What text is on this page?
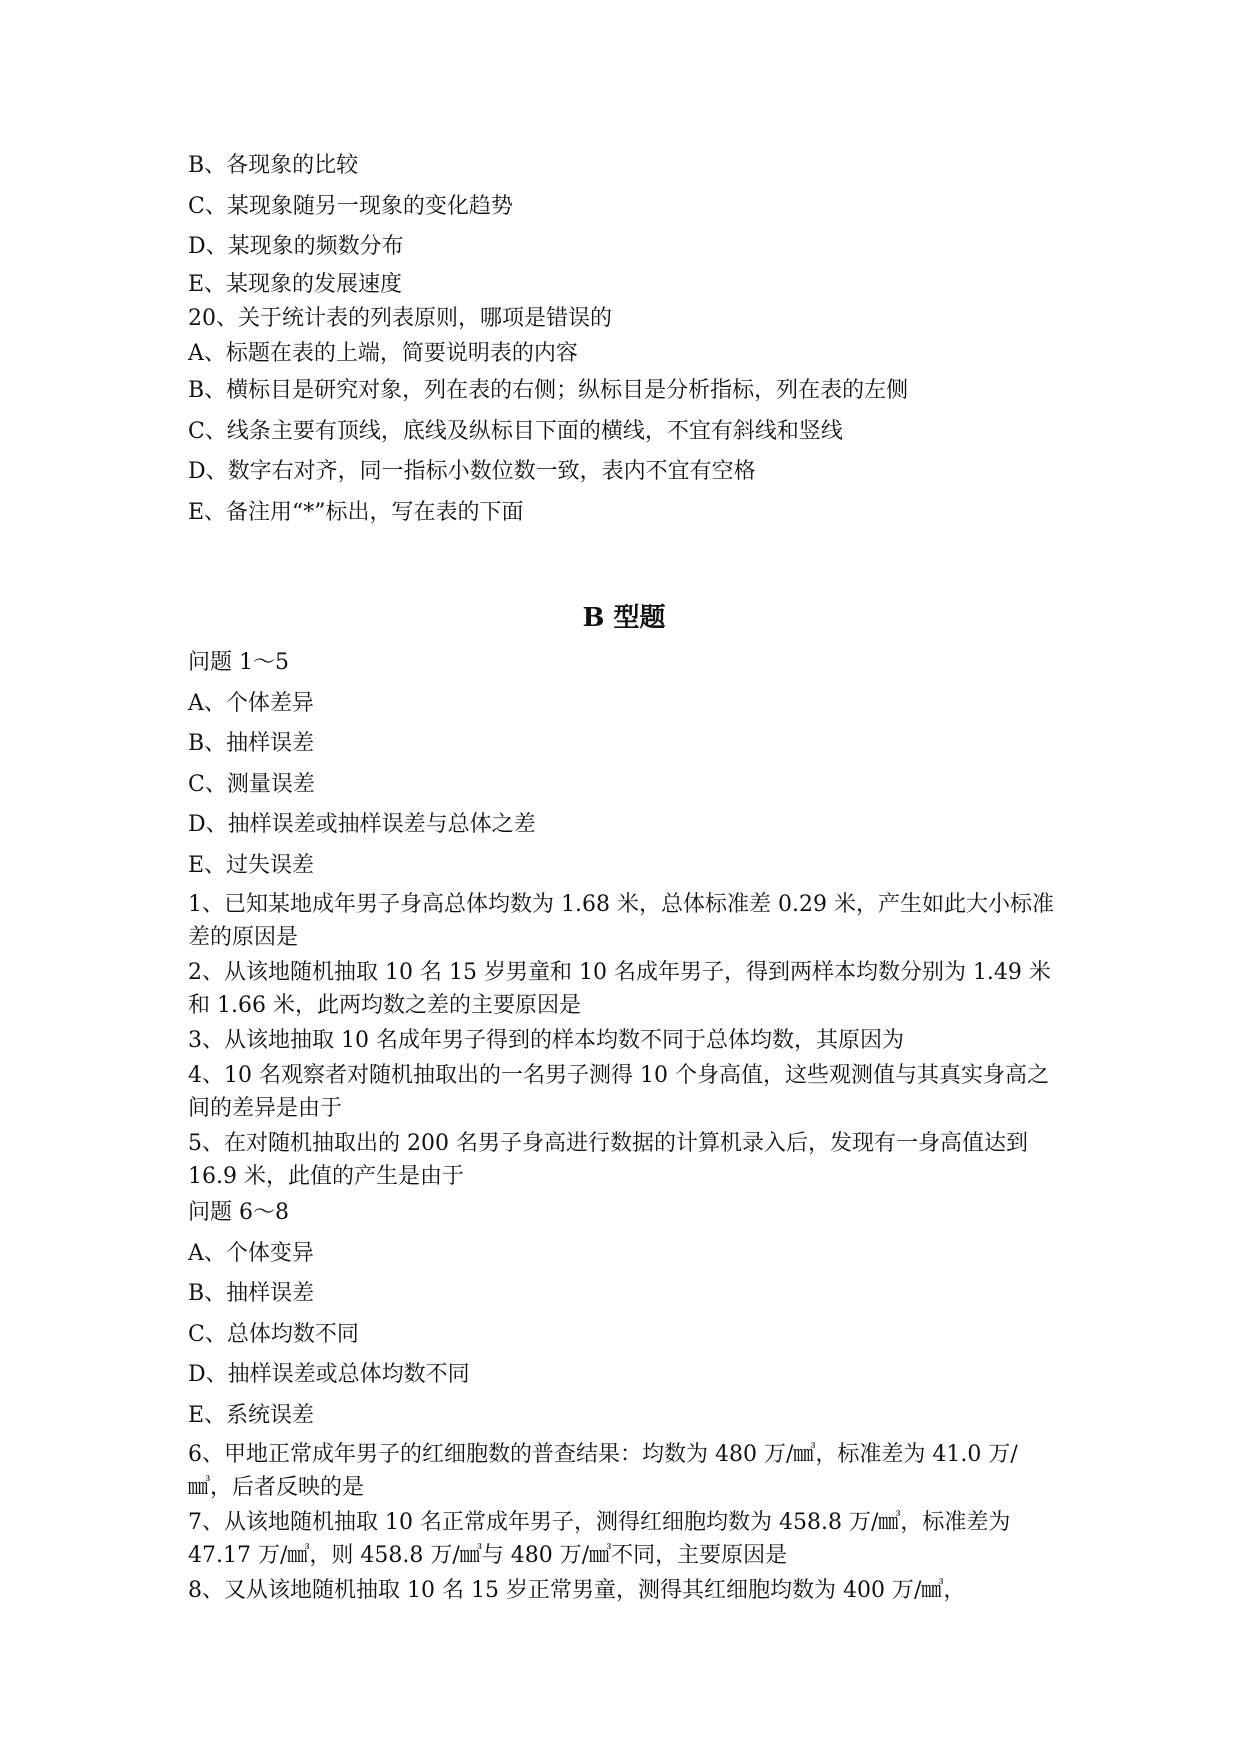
B、各现象的比较
C、某现象随另一现象的变化趋势
D、某现象的频数分布
E、某现象的发展速度
20、关于统计表的列表原则，哪项是错误的
A、标题在表的上端，简要说明表的内容
B、横标目是研究对象，列在表的右侧；纵标目是分析指标，列在表的左侧
C、线条主要有顶线，底线及纵标目下面的横线，不宜有斜线和竖线
D、数字右对齐，同一指标小数位数一致，表内不宜有空格
E、备注用“*”标出，写在表的下面
B 型题
问题 1～5
A、个体差异
B、抽样误差
C、测量误差
D、抽样误差或抽样误差与总体之差
E、过失误差

1、已知某地成年男子身高总体均数为 1.68 米，总体标准差 0.29 米，产生如此大小标准差的原因是

2、从该地随机抽取 10 名 15 岁男童和 10 名成年男子，得到两样本均数分别为 1.49 米和 1.66 米，此两均数之差的主要原因是

3、从该地抽取 10 名成年男子得到的样本均数不同于总体均数，其原因为

4、10 名观察者对随机抽取出的一名男子测得 10 个身高值，这些观测值与其真实身高之间的差异是由于

5、在对随机抽取出的 200 名男子身高进行数据的计算机录入后，发现有一身高值达到 16.9 米，此值的产生是由于

问题 6～8
A、个体变异
B、抽样误差
C、总体均数不同
D、抽样误差或总体均数不同
E、系统误差

6、甲地正常成年男子的红细胞数的普查结果：均数为 480 万/㎣，标准差为 41.0 万/㎣，后者反映的是

7、从该地随机抽取 10 名正常成年男子，测得红细胞均数为 458.8 万/㎣，标准差为 47.17 万/㎣，则 458.8 万/㎣与 480 万/㎣不同，主要原因是

8、又从该地随机抽取 10 名 15 岁正常男童，测得其红细胞均数为 400 万/㎣，
